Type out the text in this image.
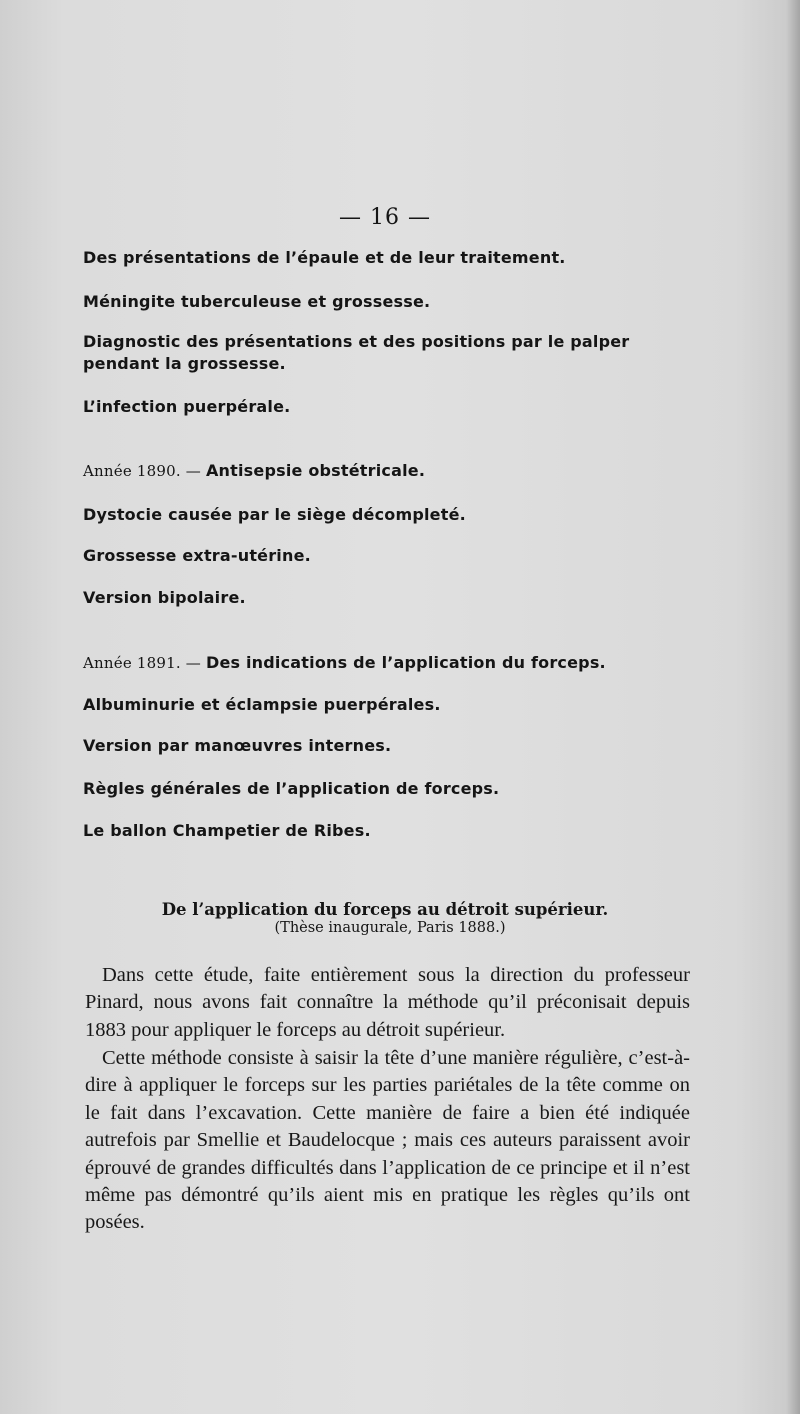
— 16 —
Des présentations de l’épaule et de leur traitement.
Méningite tuberculeuse et grossesse.
Diagnostic des présentations et des positions par le palper pendant la grossesse.
L’infection puerpérale.
Année 1890. — Antisepsie obstétricale.
Dystocie causée par le siège décompleté.
Grossesse extra-utérine.
Version bipolaire.
Année 1891. — Des indications de l’application du forceps.
Albuminurie et éclampsie puerpérales.
Version par manœuvres internes.
Règles générales de l’application de forceps.
Le ballon Champetier de Ribes.
De l’application du forceps au détroit supérieur.
(Thèse inaugurale, Paris 1888.)
Dans cette étude, faite entièrement sous la direction du professeur Pinard, nous avons fait connaître la méthode qu’il préconisait depuis 1883 pour appliquer le forceps au détroit supérieur.
Cette méthode consiste à saisir la tête d’une manière régulière, c’est-à-dire à appliquer le forceps sur les parties pariétales de la tête comme on le fait dans l’excavation. Cette manière de faire a bien été indiquée autrefois par Smellie et Baudelocque ; mais ces auteurs paraissent avoir éprouvé de grandes difficultés dans l’application de ce principe et il n’est même pas démontré qu’ils aient mis en pratique les règles qu’ils ont posées.
